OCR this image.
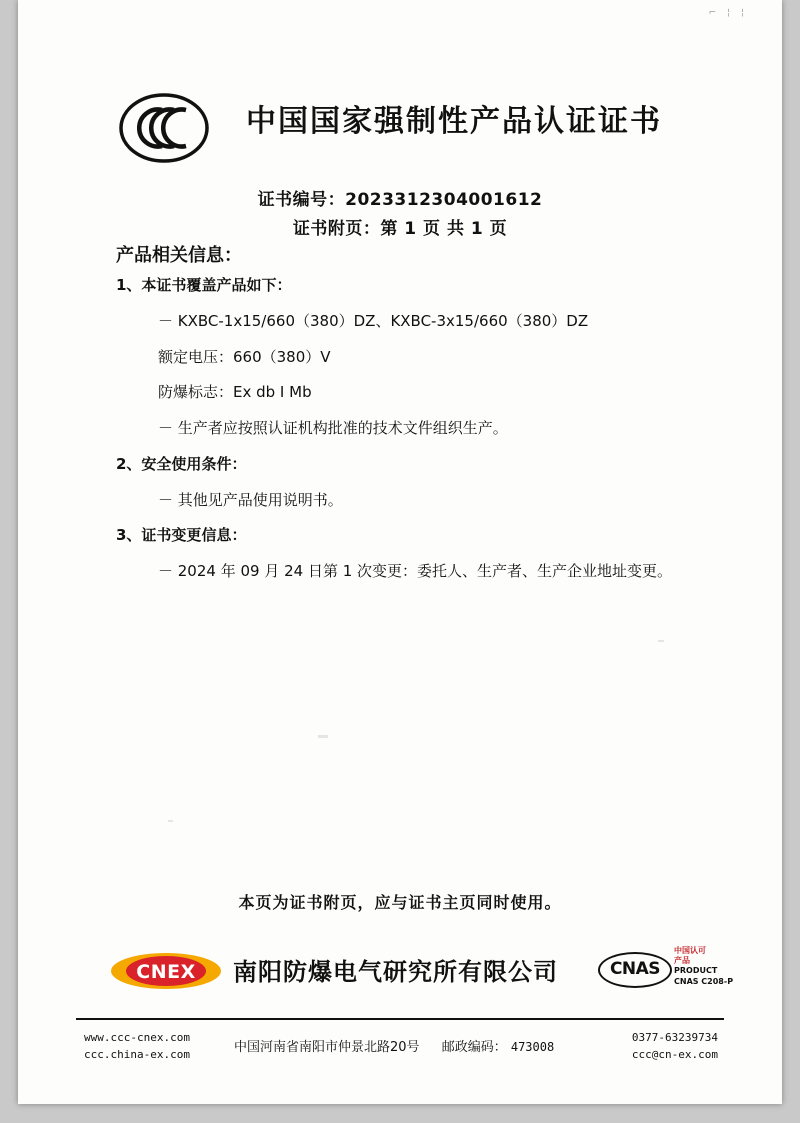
⌐ ¦ ¦
中国国家强制性产品认证证书
证书编号：2023312304001612
证书附页：第 1 页 共 1 页
产品相关信息：
1、本证书覆盖产品如下：
－ KXBC-1x15/660（380）DZ、KXBC-3x15/660（380）DZ
额定电压：660（380）V
防爆标志：Ex db Ⅰ Mb
－ 生产者应按照认证机构批准的技术文件组织生产。
2、安全使用条件：
－ 其他见产品使用说明书。
3、证书变更信息：
－ 2024 年 09 月 24 日第 1 次变更：委托人、生产者、生产企业地址变更。
本页为证书附页，应与证书主页同时使用。
CNEX 南阳防爆电气研究所有限公司	CNAS
中国认可
产品
PRODUCT
CNAS C208-P
www.ccc-cnex.com
ccc.china-ex.com	中国河南省南阳市仲景北路20号 邮政编码： 473008
0377-63239734
ccc@cn-ex.com
